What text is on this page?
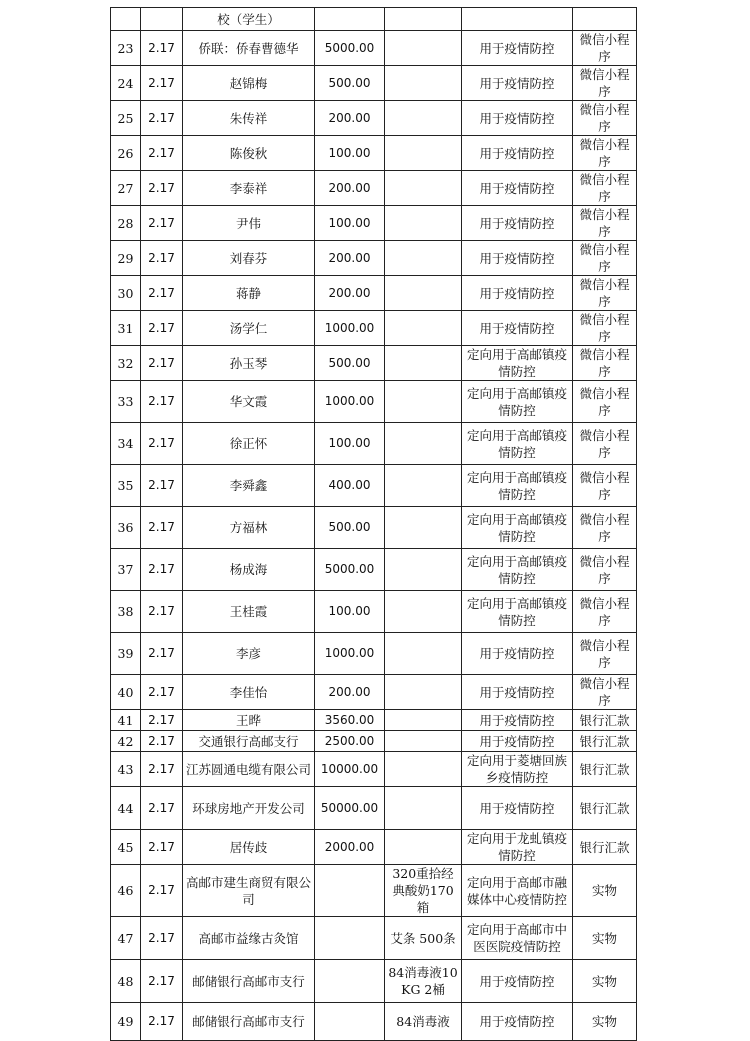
		校（学生）				
23	2.17	侨联：侨春曹德华	5000.00		用于疫情防控	微信小程序
24	2.17	赵锦梅	500.00		用于疫情防控	微信小程序
25	2.17	朱传祥	200.00		用于疫情防控	微信小程序
26	2.17	陈俊秋	100.00		用于疫情防控	微信小程序
27	2.17	李泰祥	200.00		用于疫情防控	微信小程序
28	2.17	尹伟	100.00		用于疫情防控	微信小程序
29	2.17	刘春芬	200.00		用于疫情防控	微信小程序
30	2.17	蒋静	200.00		用于疫情防控	微信小程序
31	2.17	汤学仁	1000.00		用于疫情防控	微信小程序
32	2.17	孙玉琴	500.00		定向用于高邮镇疫情防控	微信小程序
33	2.17	华文霞	1000.00		定向用于高邮镇疫情防控	微信小程序
34	2.17	徐正怀	100.00		定向用于高邮镇疫情防控	微信小程序
35	2.17	李舜鑫	400.00		定向用于高邮镇疫情防控	微信小程序
36	2.17	方福林	500.00		定向用于高邮镇疫情防控	微信小程序
37	2.17	杨成海	5000.00		定向用于高邮镇疫情防控	微信小程序
38	2.17	王桂霞	100.00		定向用于高邮镇疫情防控	微信小程序
39	2.17	李彦	1000.00		用于疫情防控	微信小程序
40	2.17	李佳怡	200.00		用于疫情防控	微信小程序
41	2.17	王晔	3560.00		用于疫情防控	银行汇款
42	2.17	交通银行高邮支行	2500.00		用于疫情防控	银行汇款
43	2.17	江苏圆通电缆有限公司	10000.00		定向用于菱塘回族乡疫情防控	银行汇款
44	2.17	环球房地产开发公司	50000.00		用于疫情防控	银行汇款
45	2.17	居传歧	2000.00		定向用于龙虬镇疫情防控	银行汇款
46	2.17	高邮市建生商贸有限公司		320重拾经典酸奶170箱	定向用于高邮市融媒体中心疫情防控	实物
47	2.17	高邮市益缘古灸馆		艾条 500条	定向用于高邮市中医医院疫情防控	实物
48	2.17	邮储银行高邮市支行		84消毒液10KG 2桶	用于疫情防控	实物
49	2.17	邮储银行高邮市支行		84消毒液	用于疫情防控	实物
